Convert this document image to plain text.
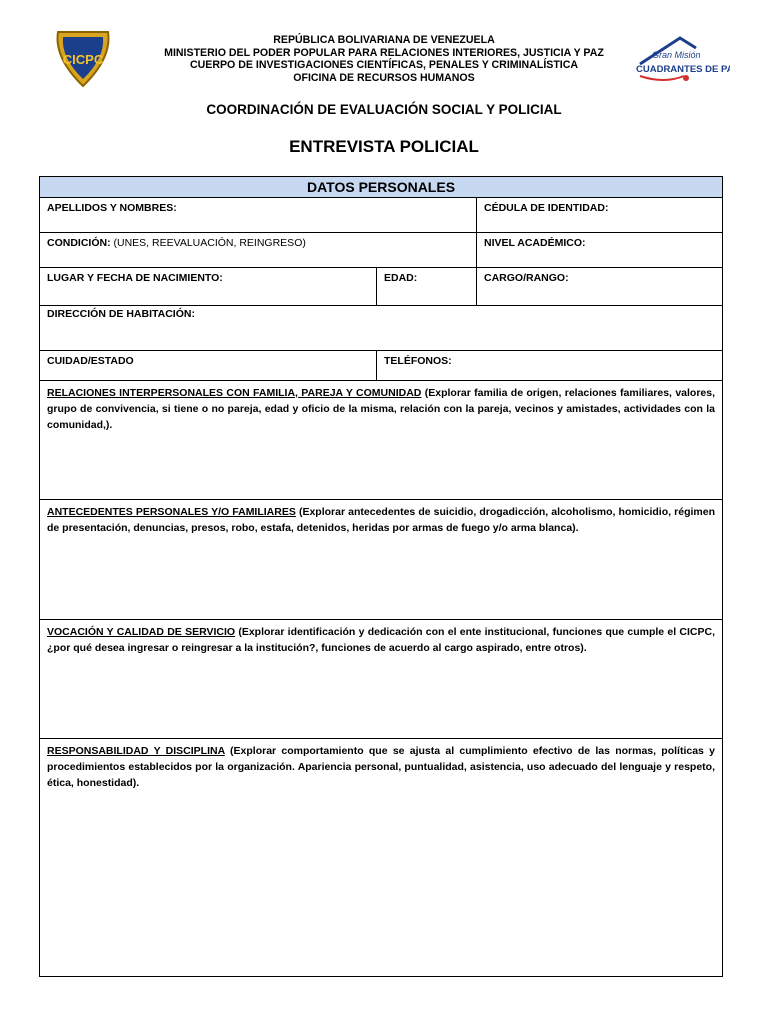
CICPC
REPÚBLICA BOLIVARIANA DE VENEZUELA
MINISTERIO DEL PODER POPULAR PARA RELACIONES INTERIORES, JUSTICIA Y PAZ
CUERPO DE INVESTIGACIONES CIENTÍFICAS, PENALES Y CRIMINALÍSTICA
OFICINA DE RECURSOS HUMANOS
Gran Misión
CUADRANTES DE PAZ
COORDINACIÓN DE EVALUACIÓN SOCIAL Y POLICIAL
ENTREVISTA POLICIAL
DATOS PERSONALES
APELLIDOS Y NOMBRES:	CÉDULA DE IDENTIDAD:
CONDICIÓN: (UNES, REEVALUACIÓN, REINGRESO)	NIVEL ACADÉMICO:
LUGAR Y FECHA DE NACIMIENTO:	EDAD:	CARGO/RANGO:
DIRECCIÓN DE HABITACIÓN:
CUIDAD/ESTADO	TELÉFONOS:
RELACIONES INTERPERSONALES CON FAMILIA, PAREJA Y COMUNIDAD (Explorar familia de origen, relaciones familiares, valores, grupo de convivencia, si tiene o no pareja, edad y oficio de la misma, relación con la pareja, vecinos y amistades, actividades con la comunidad,).
ANTECEDENTES PERSONALES Y/O FAMILIARES (Explorar antecedentes de suicidio, drogadicción, alcoholismo, homicidio, régimen de presentación, denuncias, presos, robo, estafa, detenidos, heridas por armas de fuego y/o arma blanca).
VOCACIÓN Y CALIDAD DE SERVICIO (Explorar identificación y dedicación con el ente institucional, funciones que cumple el CICPC, ¿por qué desea ingresar o reingresar a la institución?, funciones de acuerdo al cargo aspirado, entre otros).
RESPONSABILIDAD Y DISCIPLINA (Explorar comportamiento que se ajusta al cumplimiento efectivo de las normas, políticas y procedimientos establecidos por la organización. Apariencia personal, puntualidad, asistencia, uso adecuado del lenguaje y respeto, ética, honestidad).
